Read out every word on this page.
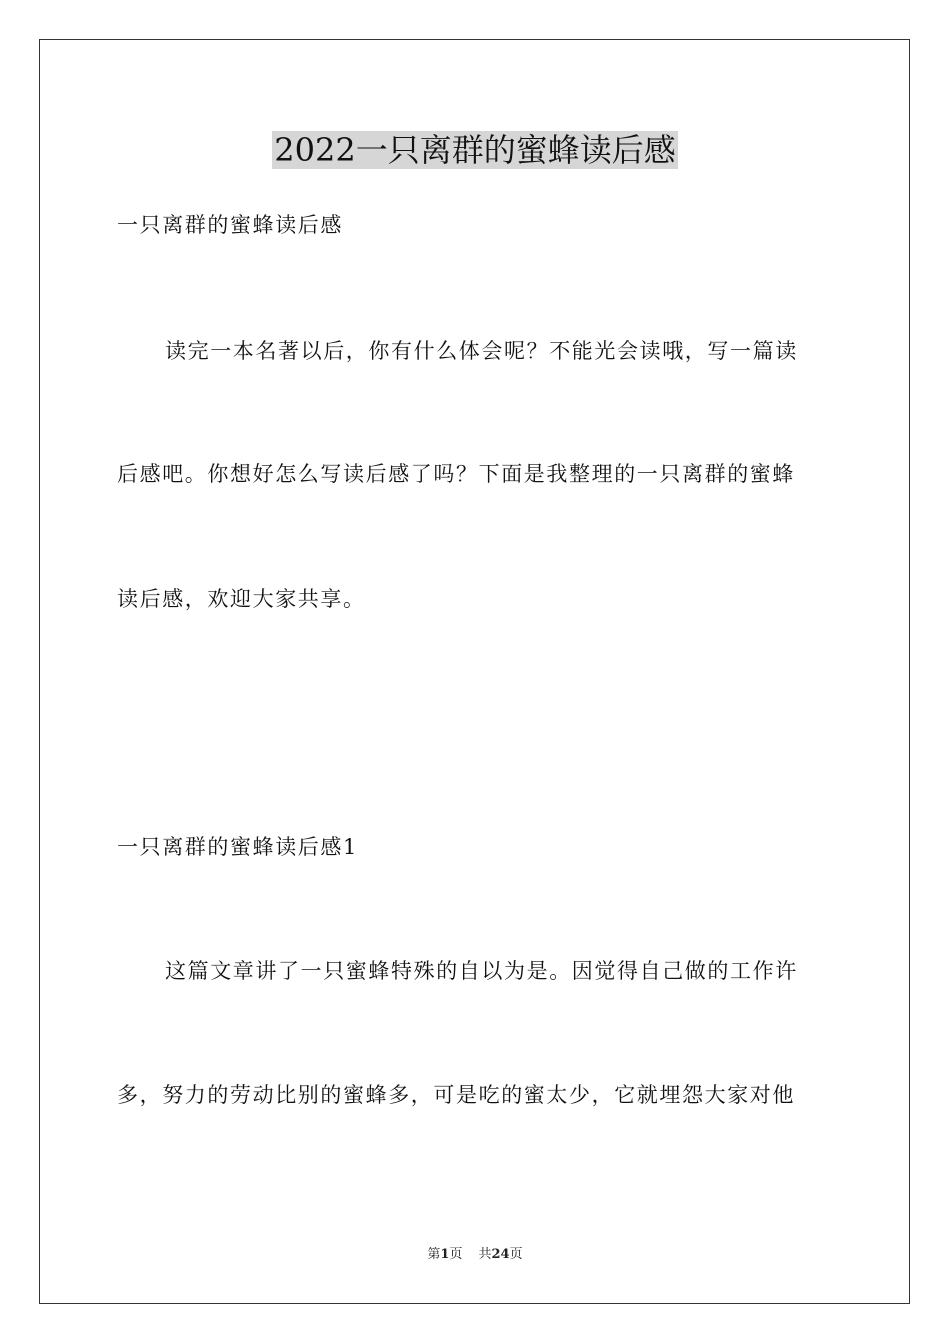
2022一只离群的蜜蜂读后感

一只离群的蜜蜂读后感

读完一本名著以后，你有什么体会呢？不能光会读哦，写一篇读

后感吧。你想好怎么写读后感了吗？下面是我整理的一只离群的蜜蜂

读后感，欢迎大家共享。

一只离群的蜜蜂读后感1

这篇文章讲了一只蜜蜂特殊的自以为是。因觉得自己做的工作许

多，努力的劳动比别的蜜蜂多，可是吃的蜜太少，它就埋怨大家对他

第1页 共24页
